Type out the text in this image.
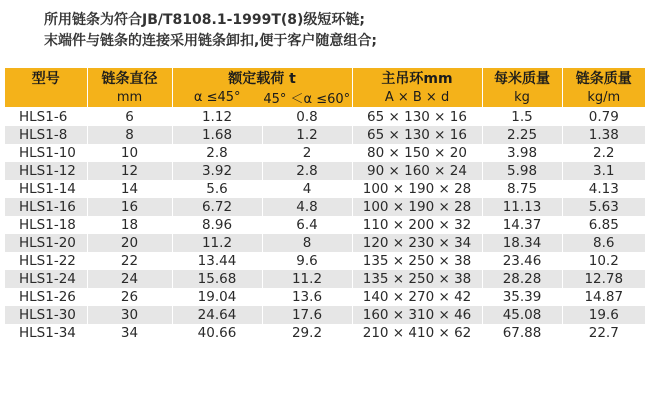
所用链条为符合JB/T8108.1-1999T(8)级短环链;
末端件与链条的连接采用链条卸扣,便于客户随意组合;
型号	链条直径	额定载荷 t		主吊环mm	每米质量	链条质量
	mm	α ≤45°	45° ＜α ≤60°	A × B × d	kg	kg/m
HLS1-6	6	1.12	0.8	65 × 130 × 16	1.5	0.79
HLS1-8	8	1.68	1.2	65 × 130 × 16	2.25	1.38
HLS1-10	10	2.8	2	80 × 150 × 20	3.98	2.2
HLS1-12	12	3.92	2.8	90 × 160 × 24	5.98	3.1
HLS1-14	14	5.6	4	100 × 190 × 28	8.75	4.13
HLS1-16	16	6.72	4.8	100 × 190 × 28	11.13	5.63
HLS1-18	18	8.96	6.4	110 × 200 × 32	14.37	6.85
HLS1-20	20	11.2	8	120 × 230 × 34	18.34	8.6
HLS1-22	22	13.44	9.6	135 × 250 × 38	23.46	10.2
HLS1-24	24	15.68	11.2	135 × 250 × 38	28.28	12.78
HLS1-26	26	19.04	13.6	140 × 270 × 42	35.39	14.87
HLS1-30	30	24.64	17.6	160 × 310 × 46	45.08	19.6
HLS1-34	34	40.66	29.2	210 × 410 × 62	67.88	22.7
